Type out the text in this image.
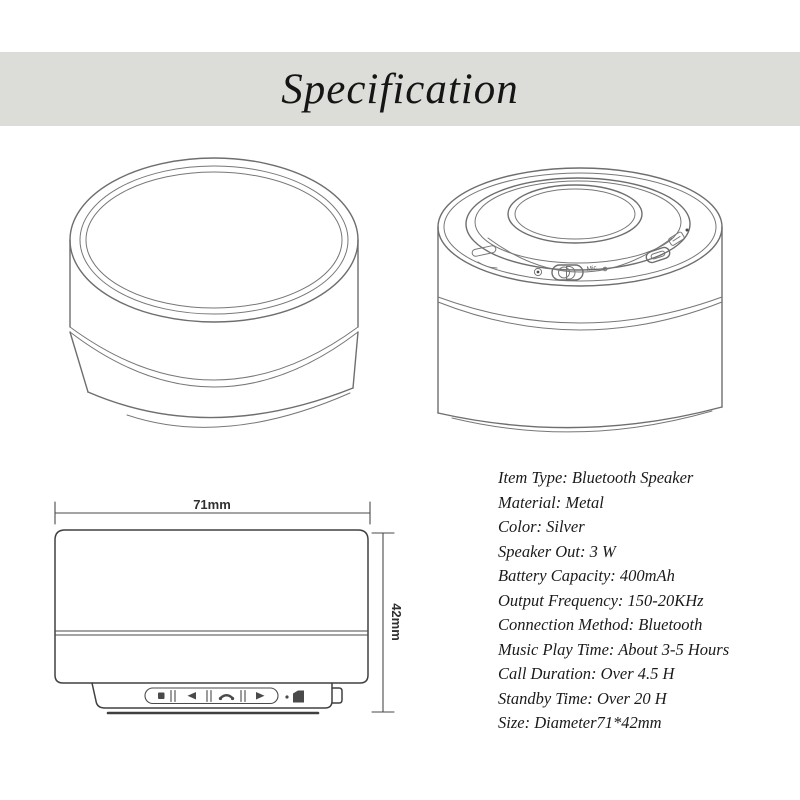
Specification
Mic
71mm
42mm
Item Type: Bluetooth Speaker
Material: Metal
Color: Silver
Speaker Out: 3 W
Battery Capacity: 400mAh
Output Frequency: 150-20KHz
Connection Method: Bluetooth
Music Play Time: About 3-5 Hours
Call Duration: Over 4.5 H
Standby Time: Over 20 H
Size: Diameter71*42mm
